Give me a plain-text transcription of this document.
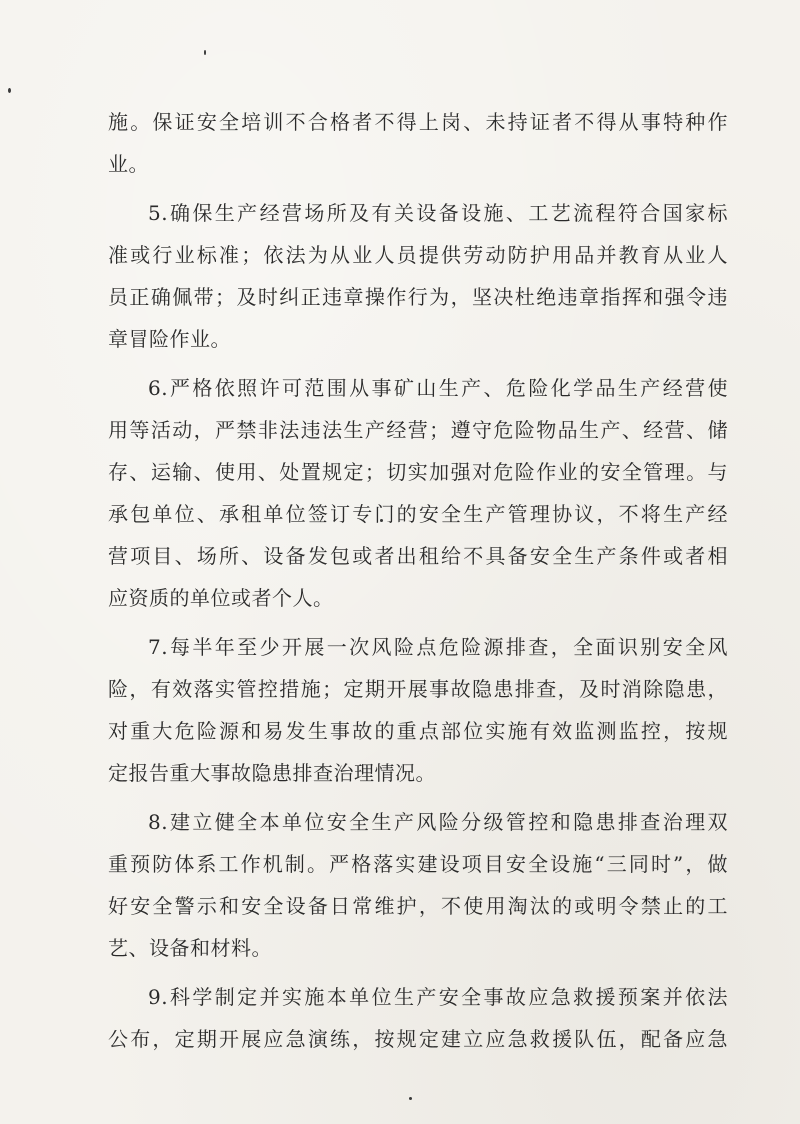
施。保证安全培训不合格者不得上岗、未持证者不得从事特种作
业。
5.确保生产经营场所及有关设备设施、工艺流程符合国家标
准或行业标准；依法为从业人员提供劳动防护用品并教育从业人
员正确佩带；及时纠正违章操作行为，坚决杜绝违章指挥和强令违
章冒险作业。
6.严格依照许可范围从事矿山生产、危险化学品生产经营使
用等活动，严禁非法违法生产经营；遵守危险物品生产、经营、储
存、运输、使用、处置规定；切实加强对危险作业的安全管理。与
承包单位、承租单位签订专门的安全生产管理协议，不将生产经
营项目、场所、设备发包或者出租给不具备安全生产条件或者相
应资质的单位或者个人。
7.每半年至少开展一次风险点危险源排查，全面识别安全风
险，有效落实管控措施；定期开展事故隐患排查，及时消除隐患，
对重大危险源和易发生事故的重点部位实施有效监测监控，按规
定报告重大事故隐患排查治理情况。
8.建立健全本单位安全生产风险分级管控和隐患排查治理双
重预防体系工作机制。严格落实建设项目安全设施“三同时”，做
好安全警示和安全设备日常维护，不使用淘汰的或明令禁止的工
艺、设备和材料。
9.科学制定并实施本单位生产安全事故应急救援预案并依法
公布，定期开展应急演练，按规定建立应急救援队伍，配备应急
